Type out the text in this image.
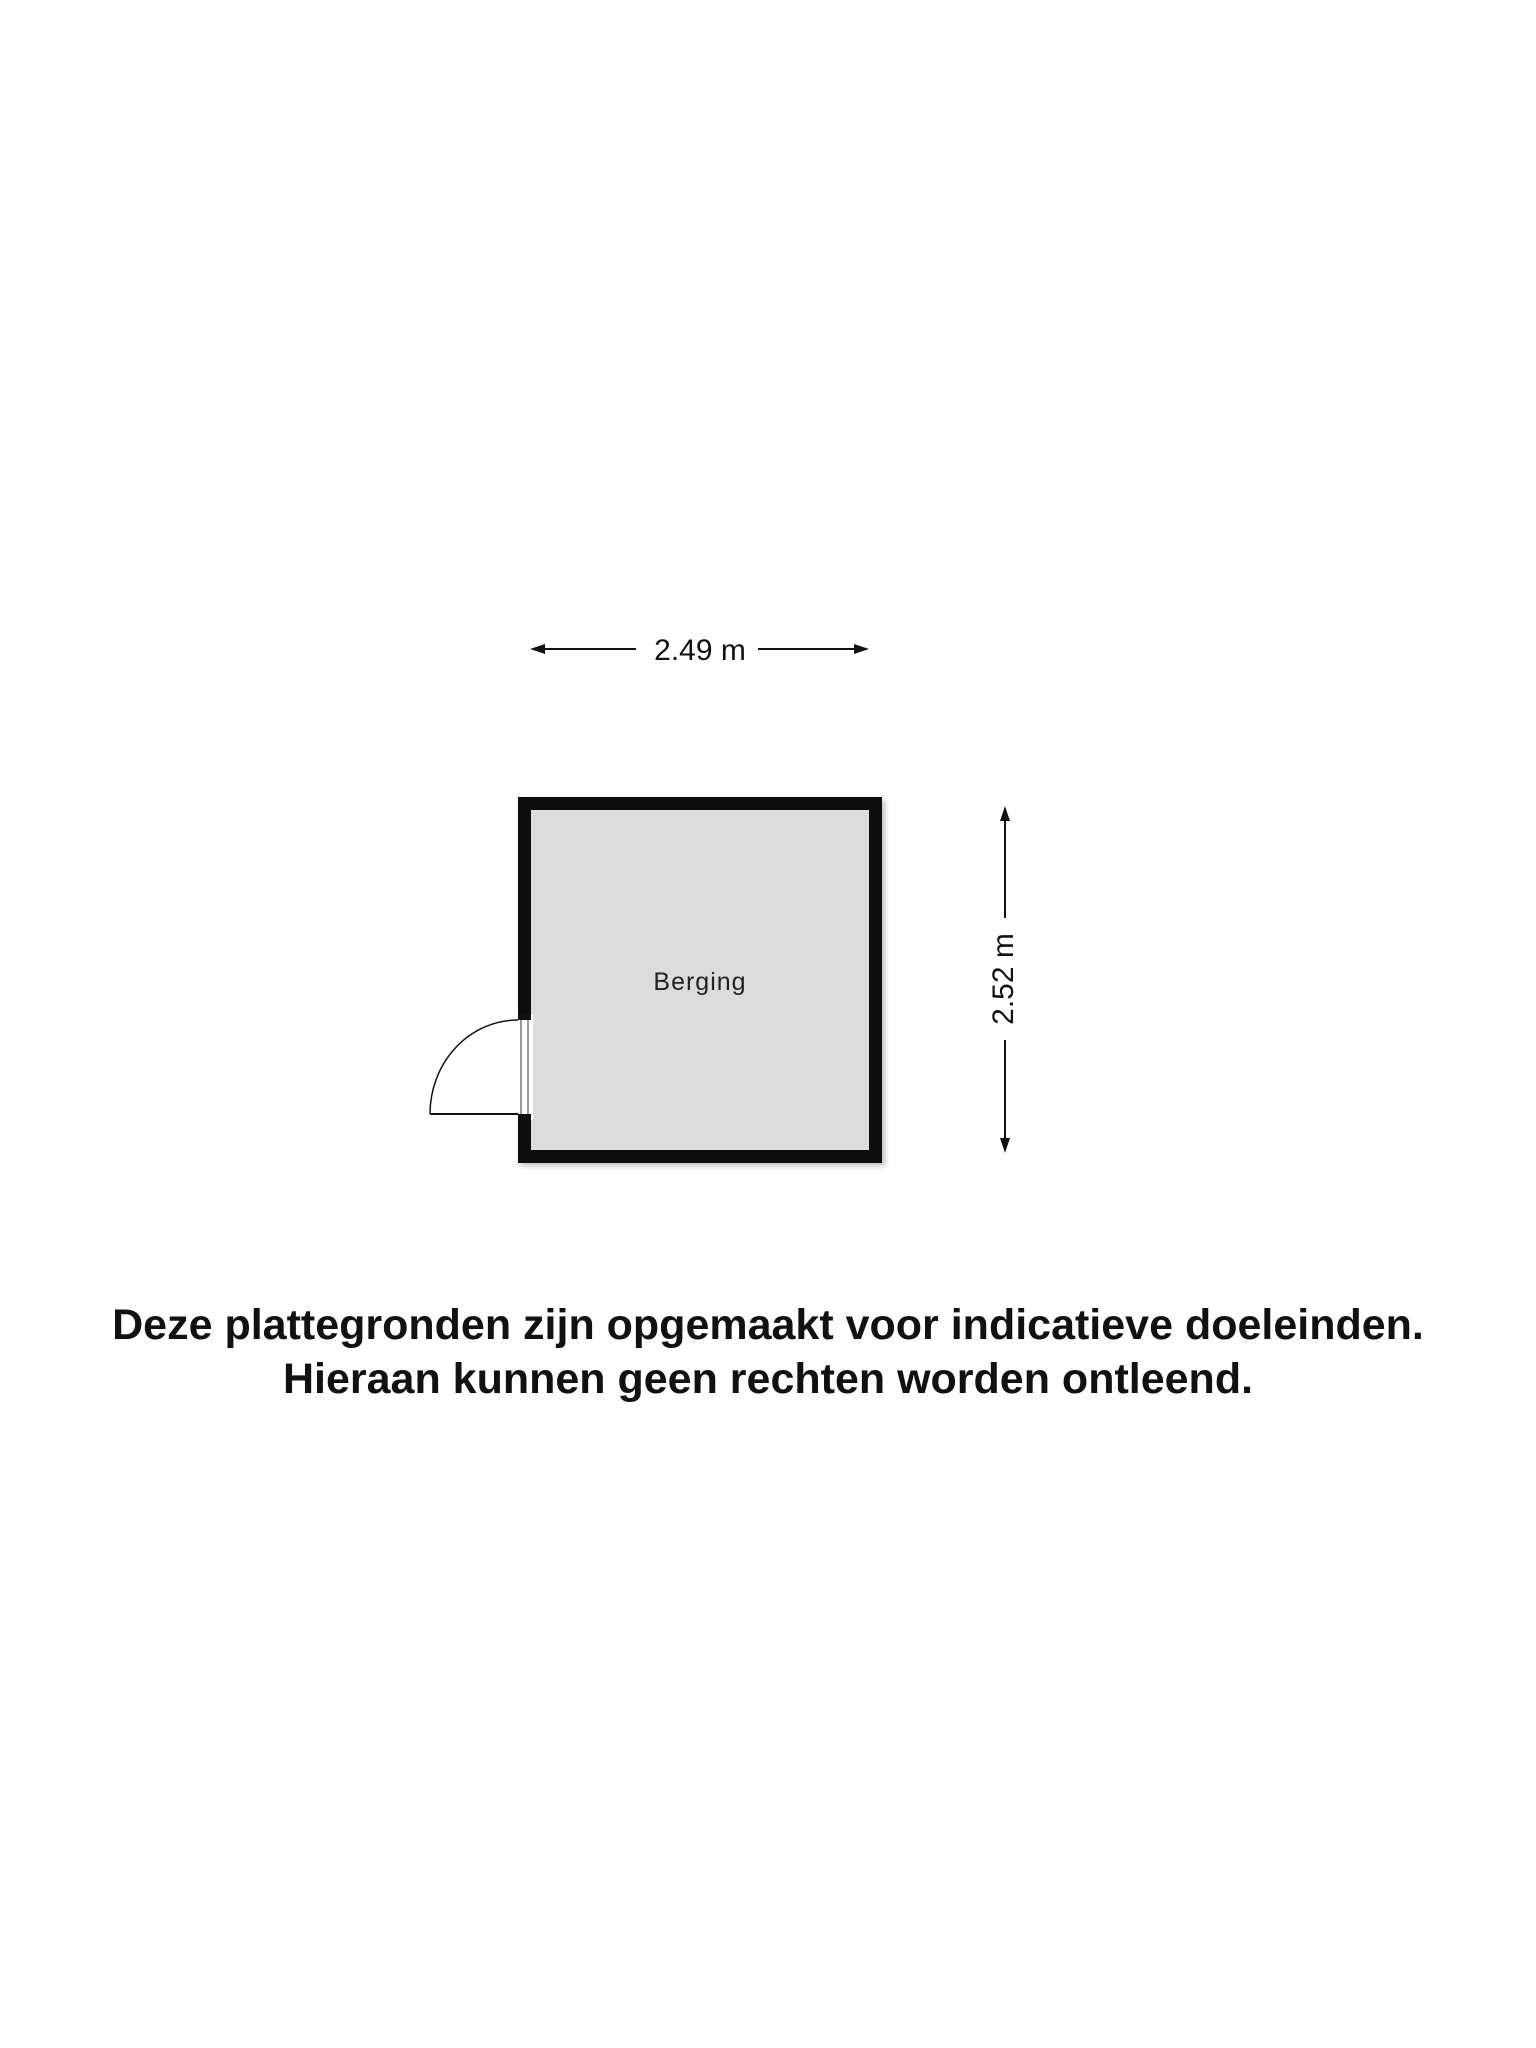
2.49 m
Berging	2.52 m
Deze plattegronden zijn opgemaakt voor indicatieve doeleinden.
Hieraan kunnen geen rechten worden ontleend.
